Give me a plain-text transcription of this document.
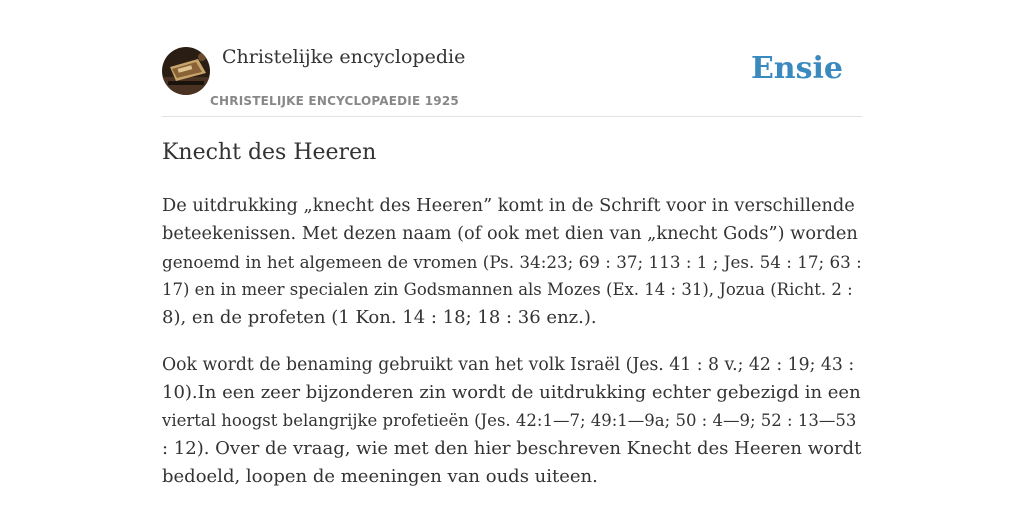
Christelijke encyclopedie
CHRISTELIJKE ENCYCLOPAEDIE 1925
Ensie
Knecht des Heeren

De uitdrukking „knecht des Heeren” komt in de Schrift voor in verschillende
beteekenissen. Met dezen naam (of ook met dien van „knecht Gods”) worden
genoemd in het algemeen de vromen (Ps. 34:23; 69 : 37; 113 : 1 ; Jes. 54 : 17; 63 :
17) en in meer specialen zin Godsmannen als Mozes (Ex. 14 : 31), Jozua (Richt. 2 :
8), en de profeten (1 Kon. 14 : 18; 18 : 36 enz.).

Ook wordt de benaming gebruikt van het volk Israël (Jes. 41 : 8 v.; 42 : 19; 43 :
10).In een zeer bijzonderen zin wordt de uitdrukking echter gebezigd in een
viertal hoogst belangrijke profetieën (Jes. 42:1—7; 49:1—9a; 50 : 4—9; 52 : 13—53
: 12). Over de vraag, wie met den hier beschreven Knecht des Heeren wordt
bedoeld, loopen de meeningen van ouds uiteen.
